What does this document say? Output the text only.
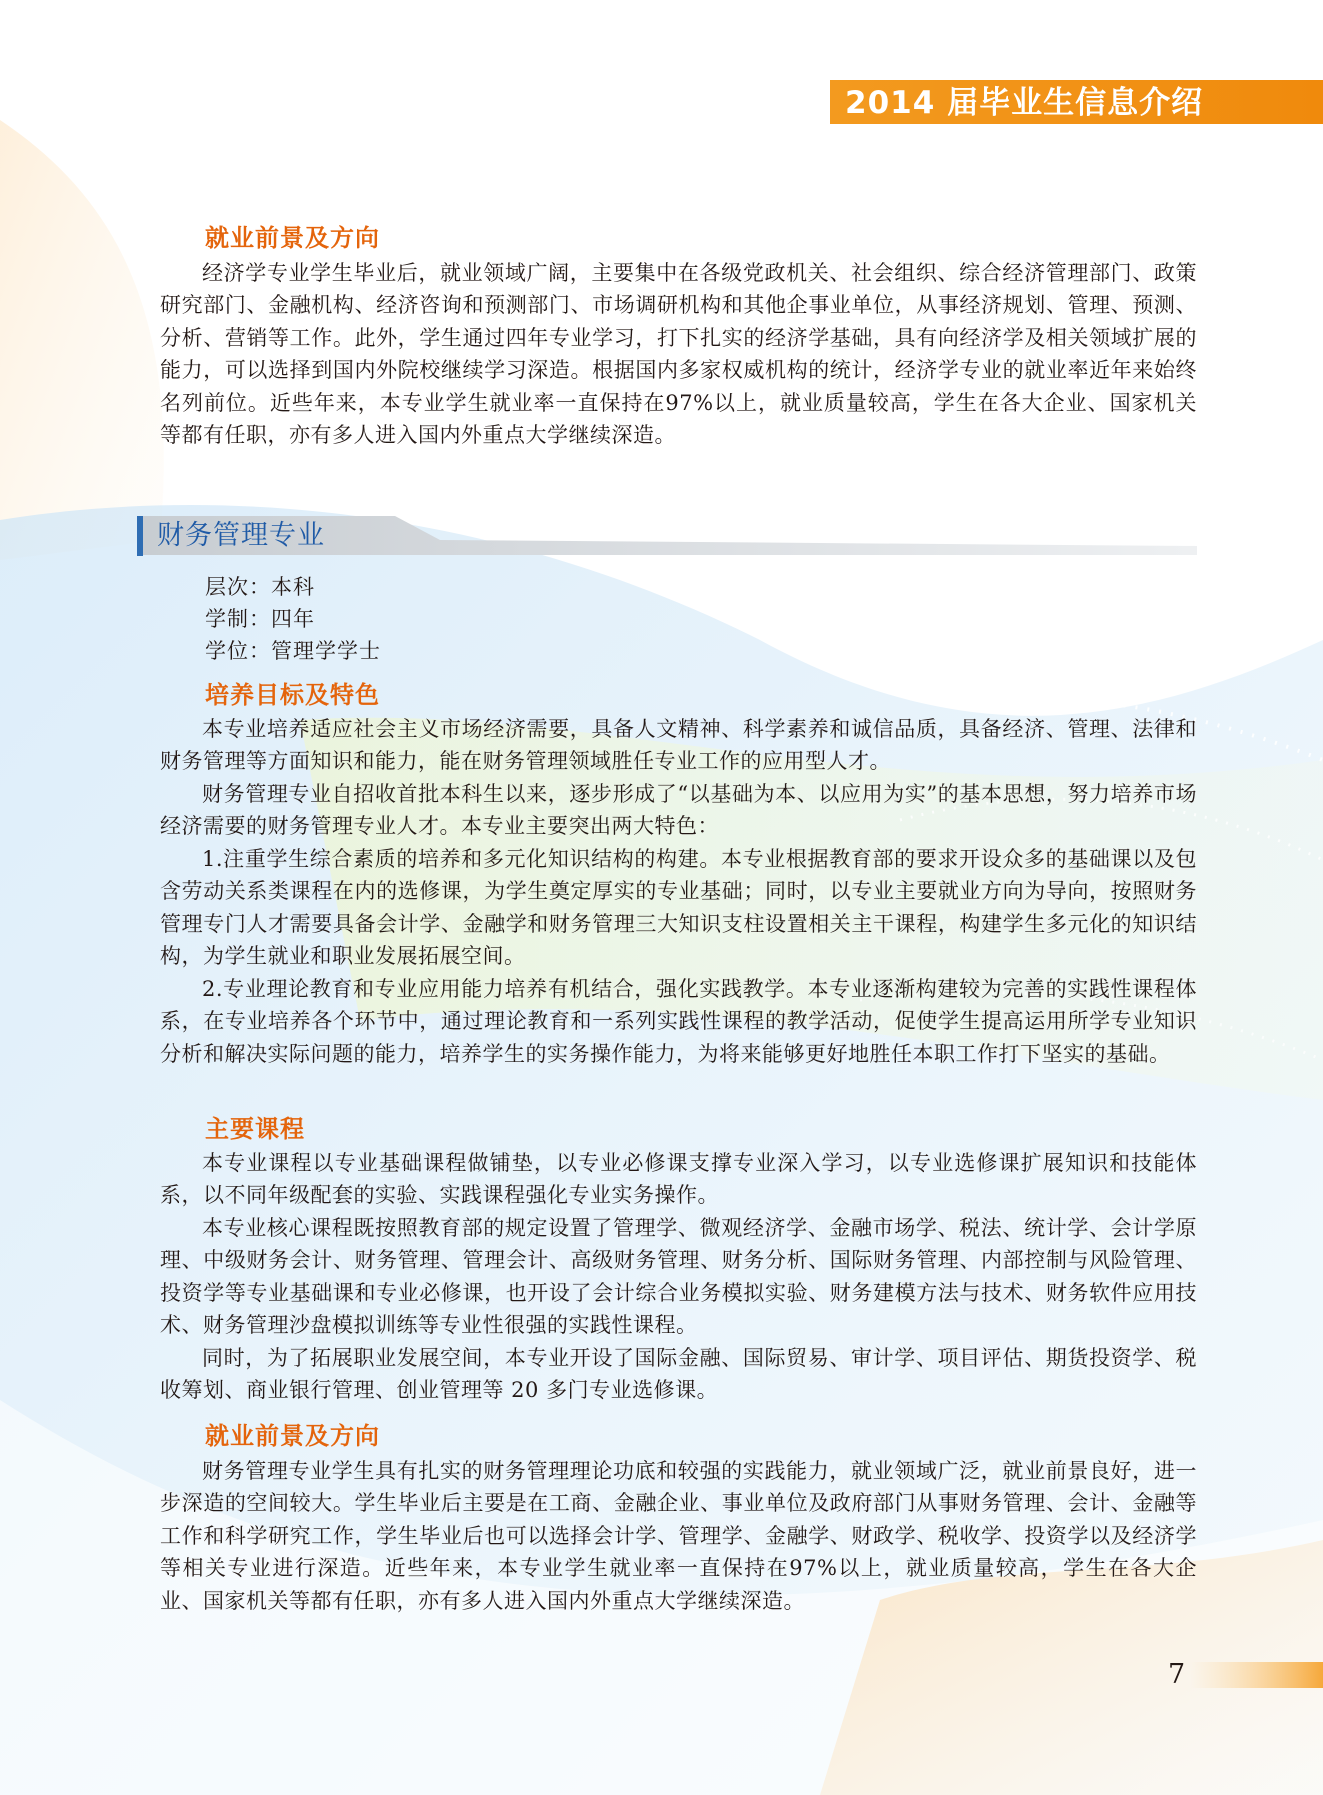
2014 届毕业生信息介绍
就业前景及方向

经济学专业学生毕业后，就业领域广阔，主要集中在各级党政机关、社会组织、综合经济管理部门、政策研究部门、金融机构、经济咨询和预测部门、市场调研机构和其他企事业单位，从事经济规划、管理、预测、分析、营销等工作。此外，学生通过四年专业学习，打下扎实的经济学基础，具有向经济学及相关领域扩展的能力，可以选择到国内外院校继续学习深造。根据国内多家权威机构的统计，经济学专业的就业率近年来始终名列前位。近些年来，本专业学生就业率一直保持在97%以上，就业质量较高，学生在各大企业、国家机关等都有任职，亦有多人进入国内外重点大学继续深造。

财务管理专业
层次：本科
学制：四年
学位：管理学学士
培养目标及特色

本专业培养适应社会主义市场经济需要，具备人文精神、科学素养和诚信品质，具备经济、管理、法律和财务管理等方面知识和能力，能在财务管理领域胜任专业工作的应用型人才。

财务管理专业自招收首批本科生以来，逐步形成了“以基础为本、以应用为实”的基本思想，努力培养市场经济需要的财务管理专业人才。本专业主要突出两大特色：

1.注重学生综合素质的培养和多元化知识结构的构建。本专业根据教育部的要求开设众多的基础课以及包含劳动关系类课程在内的选修课，为学生奠定厚实的专业基础；同时，以专业主要就业方向为导向，按照财务管理专门人才需要具备会计学、金融学和财务管理三大知识支柱设置相关主干课程，构建学生多元化的知识结构，为学生就业和职业发展拓展空间。

2.专业理论教育和专业应用能力培养有机结合，强化实践教学。本专业逐渐构建较为完善的实践性课程体系，在专业培养各个环节中，通过理论教育和一系列实践性课程的教学活动，促使学生提高运用所学专业知识分析和解决实际问题的能力，培养学生的实务操作能力，为将来能够更好地胜任本职工作打下坚实的基础。

主要课程

本专业课程以专业基础课程做铺垫，以专业必修课支撑专业深入学习，以专业选修课扩展知识和技能体系，以不同年级配套的实验、实践课程强化专业实务操作。

本专业核心课程既按照教育部的规定设置了管理学、微观经济学、金融市场学、税法、统计学、会计学原理、中级财务会计、财务管理、管理会计、高级财务管理、财务分析、国际财务管理、内部控制与风险管理、投资学等专业基础课和专业必修课，也开设了会计综合业务模拟实验、财务建模方法与技术、财务软件应用技术、财务管理沙盘模拟训练等专业性很强的实践性课程。

同时，为了拓展职业发展空间，本专业开设了国际金融、国际贸易、审计学、项目评估、期货投资学、税收筹划、商业银行管理、创业管理等 20 多门专业选修课。

就业前景及方向

财务管理专业学生具有扎实的财务管理理论功底和较强的实践能力，就业领域广泛，就业前景良好，进一步深造的空间较大。学生毕业后主要是在工商、金融企业、事业单位及政府部门从事财务管理、会计、金融等工作和科学研究工作，学生毕业后也可以选择会计学、管理学、金融学、财政学、税收学、投资学以及经济学等相关专业进行深造。近些年来，本专业学生就业率一直保持在97%以上，就业质量较高，学生在各大企业、国家机关等都有任职，亦有多人进入国内外重点大学继续深造。

7
